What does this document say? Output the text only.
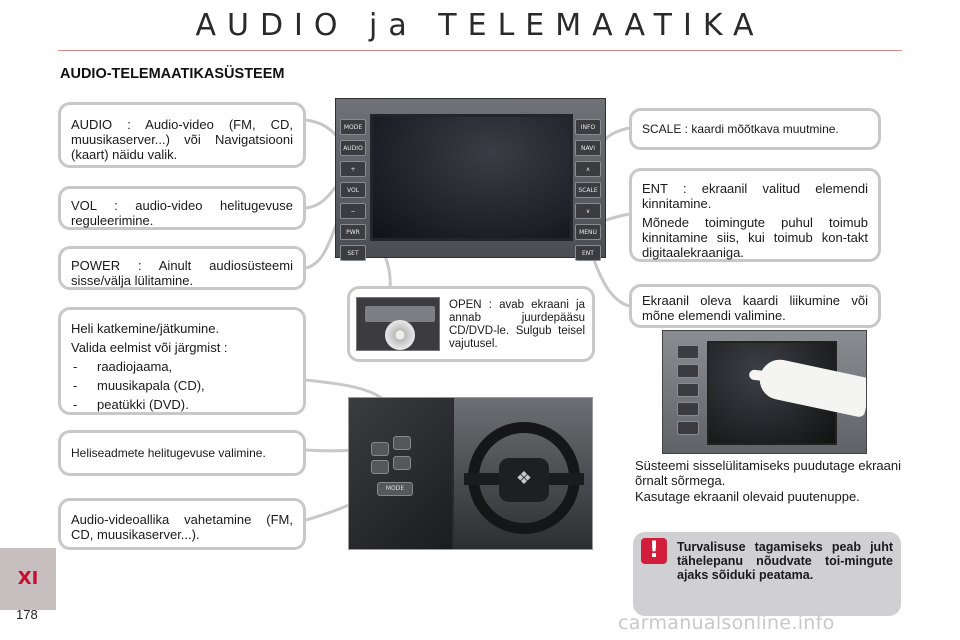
AUDIO ja TELEMAATIKA
AUDIO-TELEMAATIKASÜSTEEM

AUDIO : Audio-video (FM, CD, muusikaserver...) või Navigatsiooni (kaart) näidu valik.

VOL : audio-video helitugevuse reguleerimine.

POWER : Ainult audiosüsteemi sisse/välja lülitamine.

Heli katkemine/jätkumine.

Valida eelmist või järgmist :

- raadiojaama,
- muusikapala (CD),
- peatükki (DVD).

Heliseadmete helitugevuse valimine.

Audio-videoallika vahetamine (FM, CD, muusikaserver...).

MODE
AUDIO
+
VOL
−
PWR
SET
INFO
NAVI
∧
SCALE
∨
MENU
ENT

OPEN : avab ekraani ja annab juurdepääsu CD/DVD-le. Sulgub teisel vajutusel.

SCALE : kaardi mõõtkava muutmine.

ENT : ekraanil valitud elemendi kinnitamine.

Mõnede toimingute puhul toimub kinnitamine siis, kui toimub kon-takt digitaalekraaniga.

Ekraanil oleva kaardi liikumine või mõne elemendi valimine.

Süsteemi sisselülitamiseks puudutage ekraani õrnalt sõrmega.
Kasutage ekraanil olevaid puutenuppe.
MODE
❖
!	Turvalisuse tagamiseks peab juht tähelepanu nõudvate toi-mingute ajaks sõiduki peatama.

XI
178	carmanualsonline.info
